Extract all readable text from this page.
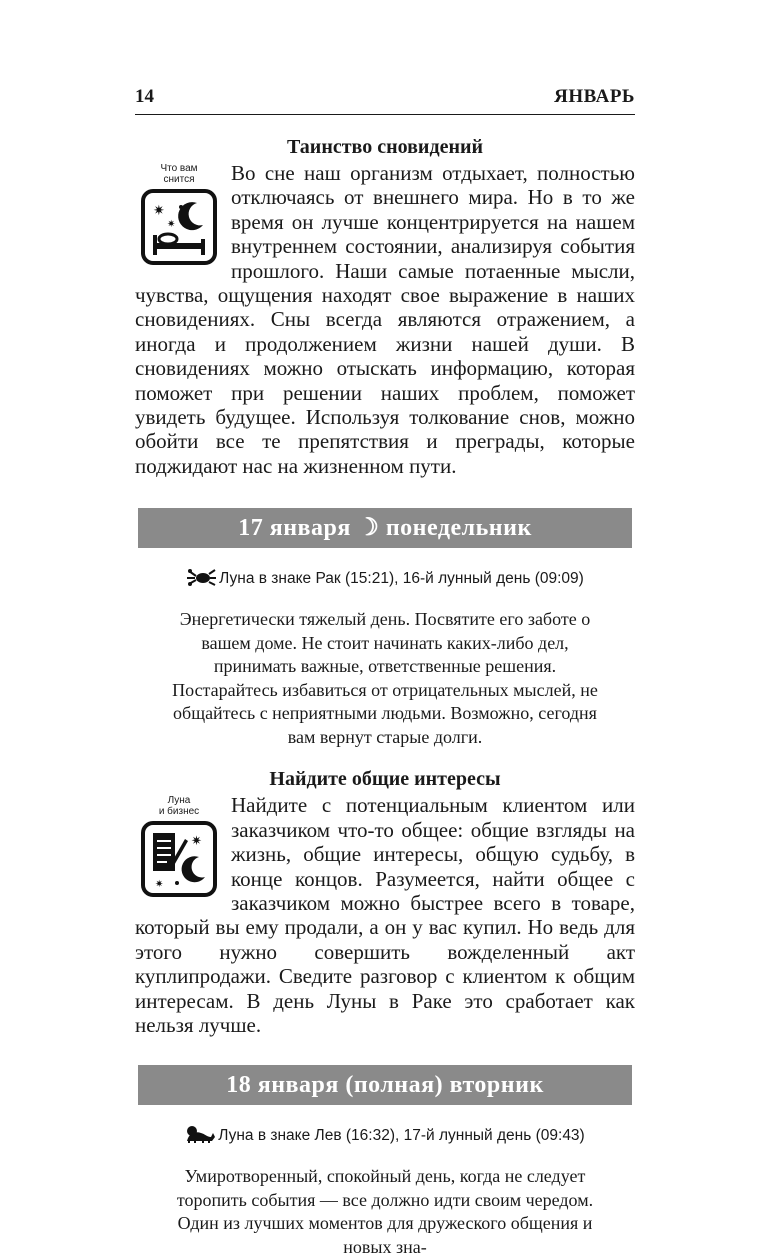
14	ЯНВАРЬ
Таинство сновидений
Что вам
снится
✷
✷
Во сне наш организм отдыхает, полностью отключаясь от внешнего мира. Но в то же время он лучше концентрируется на нашем внутреннем состоянии, анализируя события прошлого. Наши самые потаенные мысли, чувства, ощущения находят свое выражение в наших сновидениях. Сны всегда являются отражением, а иногда и продолжением жизни нашей души. В сновидениях можно отыскать информацию, которая поможет при решении наших проблем, поможет увидеть будущее. Используя толкование снов, можно обойти все те препятствия и преграды, которые поджидают нас на жизненном пути.
17 января ☽ понедельник
Луна в знаке Рак (15:21), 16-й лунный день (09:09)
Энергетически тяжелый день. Посвятите его заботе о вашем доме. Не стоит начинать каких-либо дел, принимать важные, ответственные решения. Постарайтесь избавиться от отрицательных мыслей, не общайтесь с неприятными людьми. Возможно, сегодня вам вернут старые долги.
Найдите общие интересы
Луна
и бизнес
✷
✷
Найдите с потенциальным клиентом или заказчиком что-то общее: общие взгляды на жизнь, общие интересы, общую судьбу, в конце концов. Разумеется, найти общее с заказчиком можно быстрее всего в товаре, который вы ему продали, а он у вас купил. Но ведь для этого нужно совершить вожделенный акт куплипродажи. Сведите разговор с клиентом к общим интересам. В день Луны в Раке это сработает как нельзя лучше.
18 января (полная) вторник
Луна в знаке Лев (16:32), 17-й лунный день (09:43)
Умиротворенный, спокойный день, когда не следует торопить события — все должно идти своим чередом. Один из лучших моментов для дружеского общения и новых зна-
